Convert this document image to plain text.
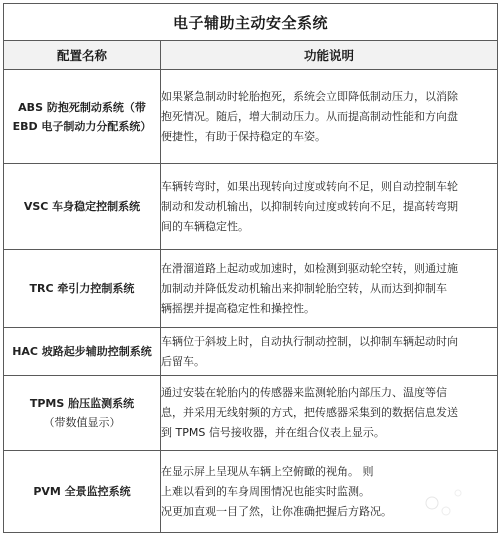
电子辅助主动安全系统	
配置名称	功能说明

ABS 防抱死制动系统（带
EBD 电子制动力分配系统）	如果紧急制动时轮胎抱死，系统会立即降低制动压力，以消除
抱死情况。随后，增大制动压力。从而提高制动性能和方向盘
便捷性，有助于保持稳定的车姿。

VSC 车身稳定控制系统	车辆转弯时，如果出现转向过度或转向不足，则自动控制车轮
制动和发动机输出，以抑制转向过度或转向不足，提高转弯期
间的车辆稳定性。

TRC 牵引力控制系统	在滑溜道路上起动或加速时，如检测到驱动轮空转，则通过施
加制动并降低发动机输出来抑制轮胎空转，从而达到抑制车
辆摇摆并提高稳定性和操控性。

HAC 坡路起步辅助控制系统	车辆位于斜坡上时，自动执行制动控制，以抑制车辆起动时向
后留车。

TPMS 胎压监测系统
（带数值显示）	通过安装在轮胎内的传感器来监测轮胎内部压力、温度等信
息，并采用无线射频的方式，把传感器采集到的数据信息发送
到 TPMS 信号接收器，并在组合仪表上显示。

PVM 全景监控系统	在显示屏上呈现从车辆上空俯瞰的视角。 则
上难以看到的车身周围情况也能实时监测。
况更加直观一目了然，让你准确把握后方路况。
